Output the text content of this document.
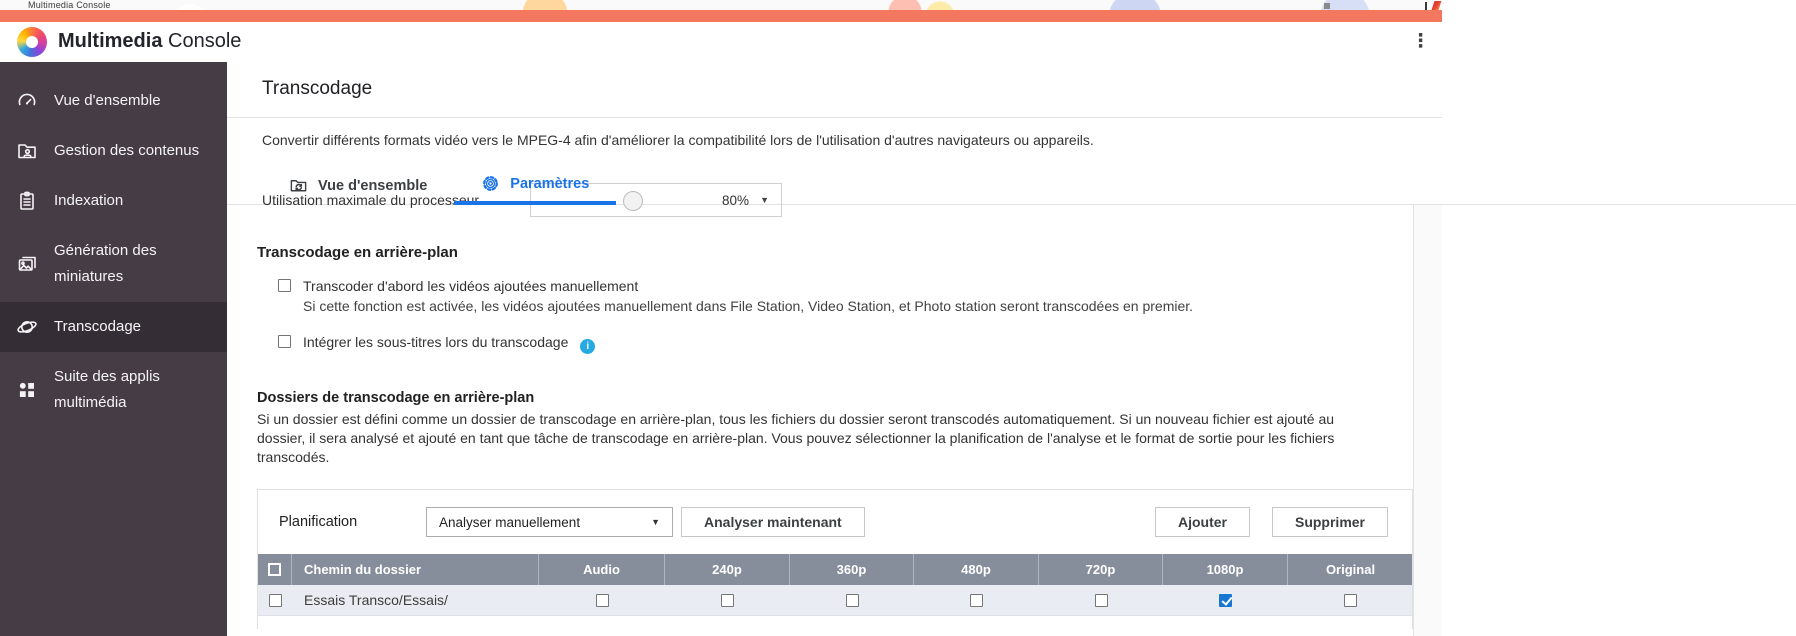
Multimedia Console
Multimedia Console	⋮
Vue d'ensemble
Gestion des contenus
Indexation
Génération des miniatures
Transcodage
Suite des applis multimédia
Transcodage
Convertir différents formats vidéo vers le MPEG-4 afin d'améliorer la compatibilité lors de l'utilisation d'autres navigateurs ou appareils.
Vue d'ensemble	Paramètres
Utilisation maximale du processeur	80% ▼
Transcodage en arrière-plan
Transcoder d'abord les vidéos ajoutées manuellement
Si cette fonction est activée, les vidéos ajoutées manuellement dans File Station, Video Station, et Photo station seront transcodées en premier.
Intégrer les sous-titres lors du transcodage i
Dossiers de transcodage en arrière-plan
Si un dossier est défini comme un dossier de transcodage en arrière-plan, tous les fichiers du dossier seront transcodés automatiquement. Si un nouveau fichier est ajouté au dossier, il sera analysé et ajouté en tant que tâche de transcodage en arrière-plan. Vous pouvez sélectionner la planification de l'analyse et le format de sortie pour les fichiers transcodés.
Planification	Analyser manuellement	▼	Analyser maintenant	Ajouter	Supprimer
Chemin du dossier	Audio	240p	360p	480p	720p	1080p	Original
Essais Transco/Essais/
